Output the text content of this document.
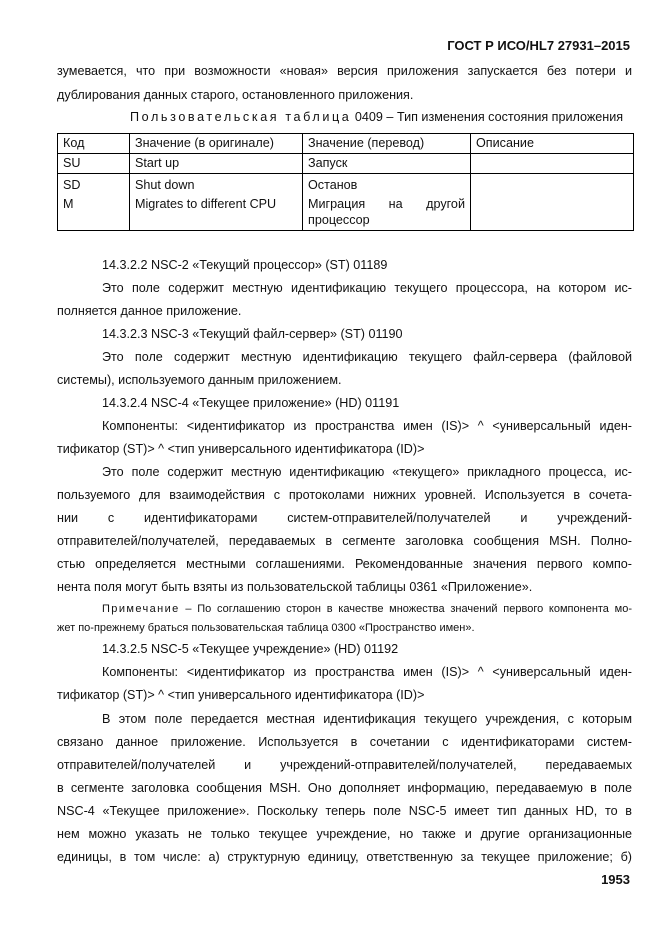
ГОСТ Р ИСО/HL7 27931–2015
зумевается, что при возможности «новая» версия приложения запускается без потери и
дублирования данных старого, остановленного приложения.
Пользовательская таблица 0409 – Тип изменения состояния приложения
Код	Значение (в оригинале)	Значение (перевод)	Описание
SU	Start up	Запуск	
SD	Shut down	Останов	
M	Migrates to different CPU	Миграция на другой
процессор	

14.3.2.2 NSC-2 «Текущий процессор» (ST) 01189
Это поле содержит местную идентификацию текущего процессора, на котором ис-
полняется данное приложение.
14.3.2.3 NSC-3 «Текущий файл-сервер» (ST) 01190
Это поле содержит местную идентификацию текущего файл-сервера (файловой
системы), используемого данным приложением.
14.3.2.4 NSC-4 «Текущее приложение» (HD) 01191
Компоненты: <идентификатор из пространства имен (IS)> ^ <универсальный иден-
тификатор (ST)> ^ <тип универсального идентификатора (ID)>
Это поле содержит местную идентификацию «текущего» прикладного процесса, ис-
пользуемого для взаимодействия с протоколами нижних уровней. Используется в сочета-
нии с идентификаторами систем-отправителей/получателей и учреждений-
отправителей/получателей, передаваемых в сегменте заголовка сообщения MSH. Полно-
стью определяется местными соглашениями. Рекомендованные значения первого компо-
нента поля могут быть взяты из пользовательской таблицы 0361 «Приложение».
Примечание – По соглашению сторон в качестве множества значений первого компонента мо-
жет по-прежнему браться пользовательская таблица 0300 «Пространство имен».
14.3.2.5 NSC-5 «Текущее учреждение» (HD) 01192
Компоненты: <идентификатор из пространства имен (IS)> ^ <универсальный иден-
тификатор (ST)> ^ <тип универсального идентификатора (ID)>
В этом поле передается местная идентификация текущего учреждения, с которым
связано данное приложение. Используется в сочетании с идентификаторами систем-
отправителей/получателей и учреждений-отправителей/получателей, передаваемых
в сегменте заголовка сообщения MSH. Оно дополняет информацию, передаваемую в поле
NSC-4 «Текущее приложение». Поскольку теперь поле NSC-5 имеет тип данных HD, то в
нем можно указать не только текущее учреждение, но также и другие организационные
единицы, в том числе: а) структурную единицу, ответственную за текущее приложение; б)
1953
